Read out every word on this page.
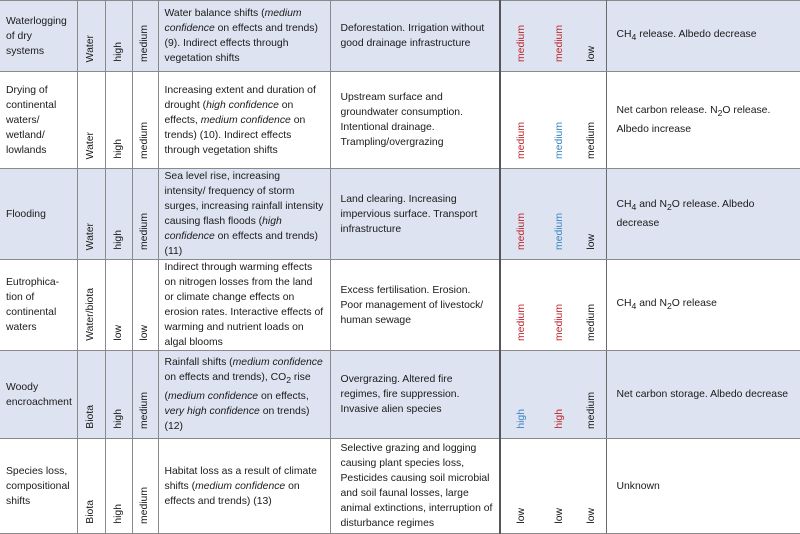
Waterlogging of dry systems	Water	high	medium	Water balance shifts (medium confidence on effects and trends) (9). Indirect effects through vegetation shifts	Deforestation. Irrigation without good drainage infrastructure	medium	medium	low	$CH_4$ release. Albedo decrease
Drying of continental waters/ wetland/ lowlands	Water	high	medium	Increasing extent and duration of drought (high confidence on effects, medium confidence on trends) (10). Indirect effects through vegetation shifts	Upstream surface and groundwater consumption. Intentional drainage. Trampling/overgrazing	medium	medium	medium	Net carbon release. $N_2O$ release. Albedo increase
Flooding	Water	high	medium	Sea level rise, increasing intensity/ frequency of storm surges, increasing rainfall intensity causing flash floods (high confidence on effects and trends) (11)	Land clearing. Increasing impervious surface. Transport infrastructure	medium	medium	low	$CH_4$ and $N_2O$ release. Albedo decrease
Eutrophica-tion of continental waters	Water/biota	low	low	Indirect through warming effects on nitrogen losses from the land or climate change effects on erosion rates. Interactive effects of warming and nutrient loads on algal blooms	Excess fertilisation. Erosion. Poor management of livestock/ human sewage	medium	medium	medium	$CH_4$ and $N_2O$ release
Woody encroachment	Biota	high	medium	Rainfall shifts (medium confidence on effects and trends), $CO_2$ rise (medium confidence on effects, very high confidence on trends) (12)	Overgrazing. Altered fire regimes, fire suppression. Invasive alien species	high	high	medium	Net carbon storage. Albedo decrease
Species loss, compositional shifts	Biota	high	medium	Habitat loss as a result of climate shifts (medium confidence on effects and trends) (13)	Selective grazing and logging causing plant species loss, Pesticides causing soil microbial and soil faunal losses, large animal extinctions, interruption of disturbance regimes	low	low	low	Unknown
